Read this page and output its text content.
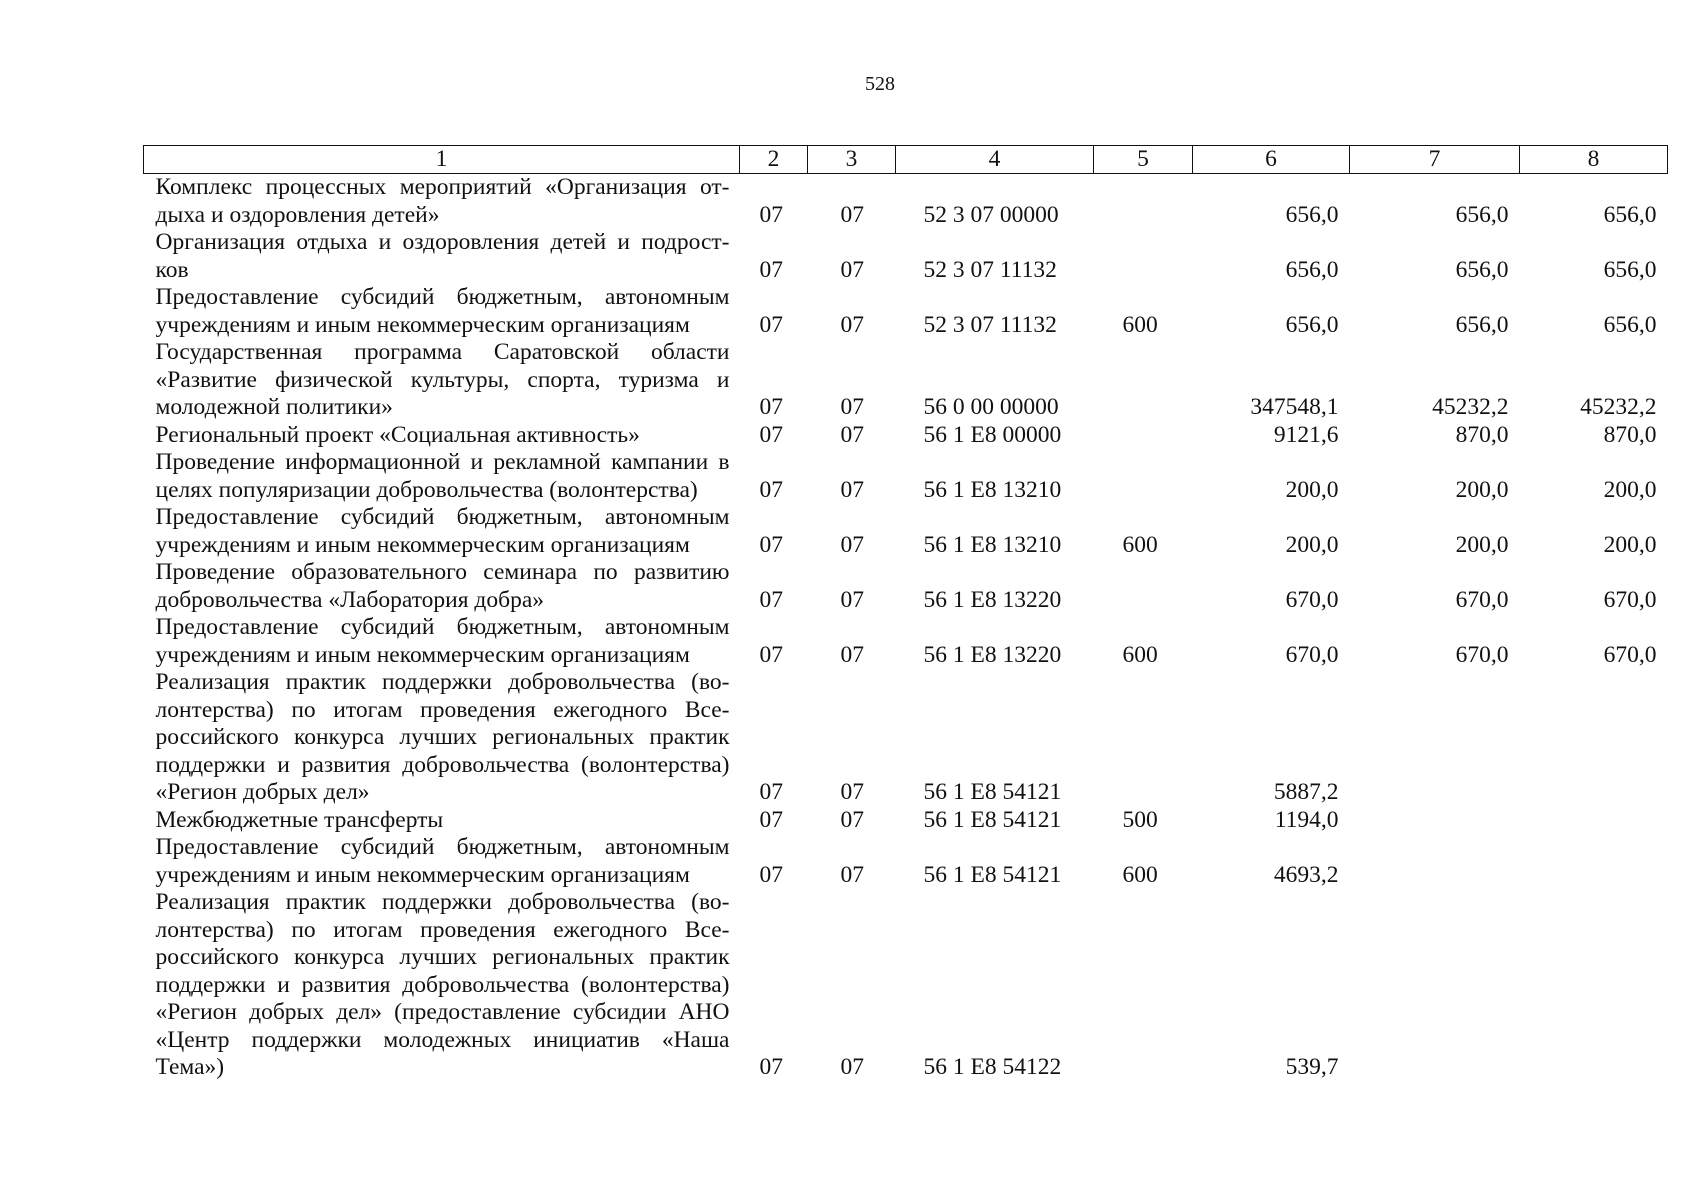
528
1	2	3	4	5	6	7	8
Комплекс процессных мероприятий «Организация от-дыха и оздоровления детей»	07	07	52 3 07 00000		656,0	656,0	656,0
Организация отдыха и оздоровления детей и подрост-ков	07	07	52 3 07 11132		656,0	656,0	656,0
Предоставление субсидий бюджетным, автономным учреждениям и иным некоммерческим организациям	07	07	52 3 07 11132	600	656,0	656,0	656,0
Государственная программа Саратовской области «Развитие физической культуры, спорта, туризма и молодежной политики»	07	07	56 0 00 00000		347548,1	45232,2	45232,2
Региональный проект «Социальная активность»	07	07	56 1 E8 00000		9121,6	870,0	870,0
Проведение информационной и рекламной кампании в целях популяризации добровольчества (волонтерства)	07	07	56 1 E8 13210		200,0	200,0	200,0
Предоставление субсидий бюджетным, автономным учреждениям и иным некоммерческим организациям	07	07	56 1 E8 13210	600	200,0	200,0	200,0
Проведение образовательного семинара по развитию добровольчества «Лаборатория добра»	07	07	56 1 E8 13220		670,0	670,0	670,0
Предоставление субсидий бюджетным, автономным учреждениям и иным некоммерческим организациям	07	07	56 1 E8 13220	600	670,0	670,0	670,0
Реализация практик поддержки добровольчества (во-лонтерства) по итогам проведения ежегодного Все-российского конкурса лучших региональных практик поддержки и развития добровольчества (волонтерства) «Регион добрых дел»	07	07	56 1 E8 54121		5887,2		
Межбюджетные трансферты	07	07	56 1 E8 54121	500	1194,0		
Предоставление субсидий бюджетным, автономным учреждениям и иным некоммерческим организациям	07	07	56 1 E8 54121	600	4693,2		
Реализация практик поддержки добровольчества (во-лонтерства) по итогам проведения ежегодного Все-российского конкурса лучших региональных практик поддержки и развития добровольчества (волонтерства) «Регион добрых дел» (предоставление субсидии АНО «Центр поддержки молодежных инициатив «Наша Тема»)	07	07	56 1 E8 54122		539,7		
